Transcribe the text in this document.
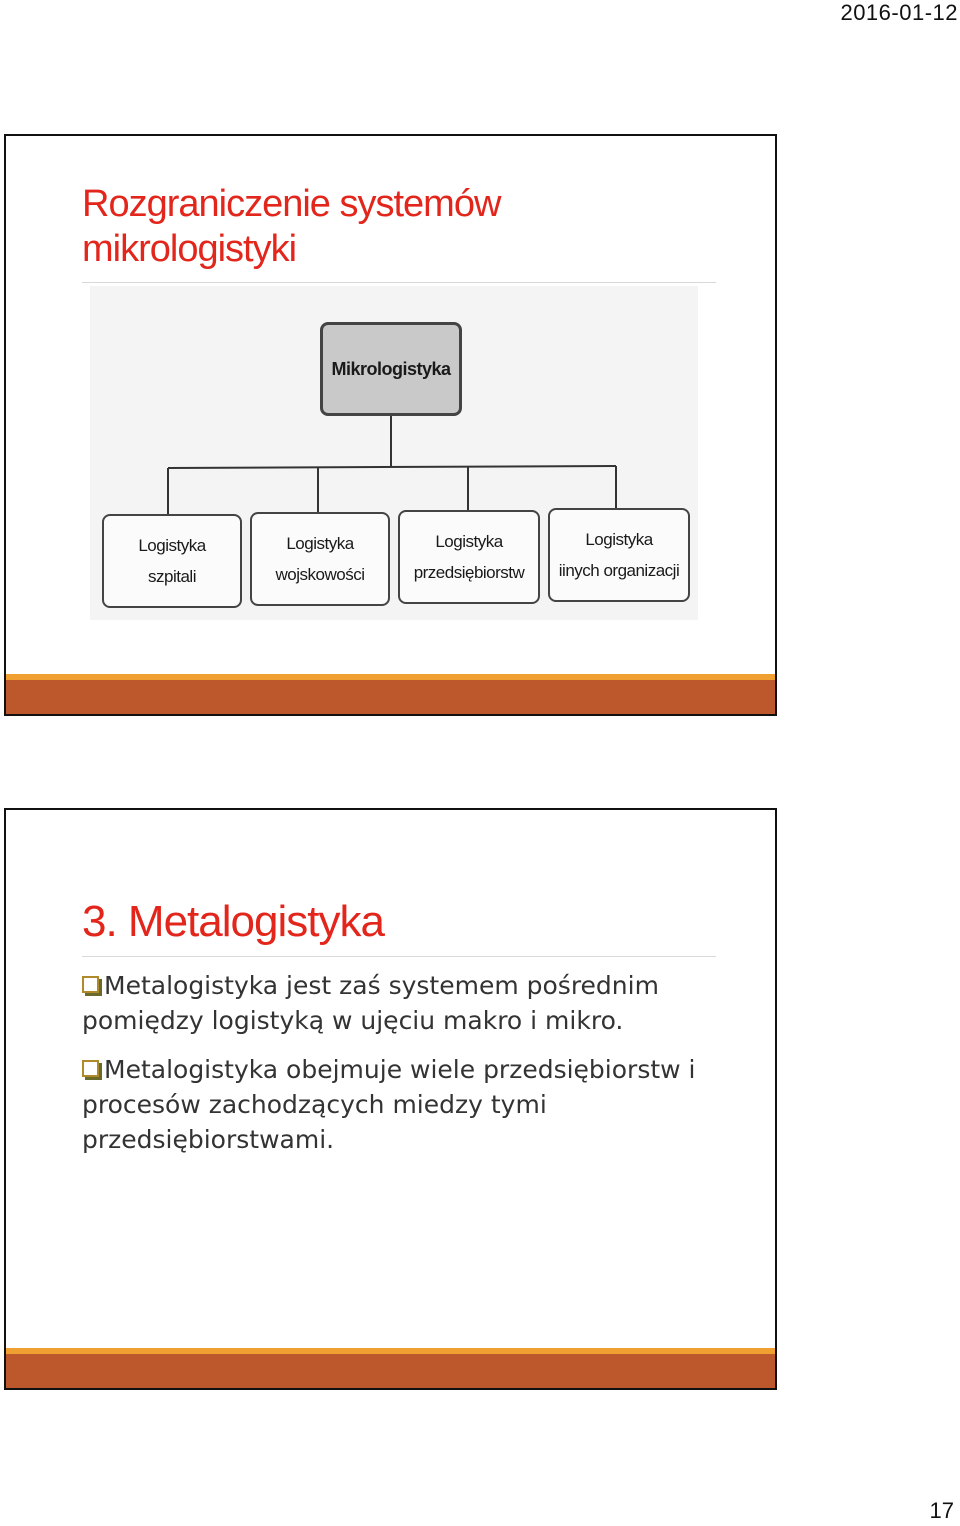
2016-01-12
Rozgraniczenie systemów
mikrologistyki
Mikrologistyka
Logistyka
szpitali
Logistyka
wojskowości
Logistyka
przedsiębiorstw
Logistyka
iinych organizacji
3. Metalogistyka
Metalogistyka jest zaś systemem pośrednim pomiędzy logistyką w ujęciu makro i mikro.
Metalogistyka obejmuje wiele przedsiębiorstw i procesów zachodzących miedzy tymi przedsiębiorstwami.
17
